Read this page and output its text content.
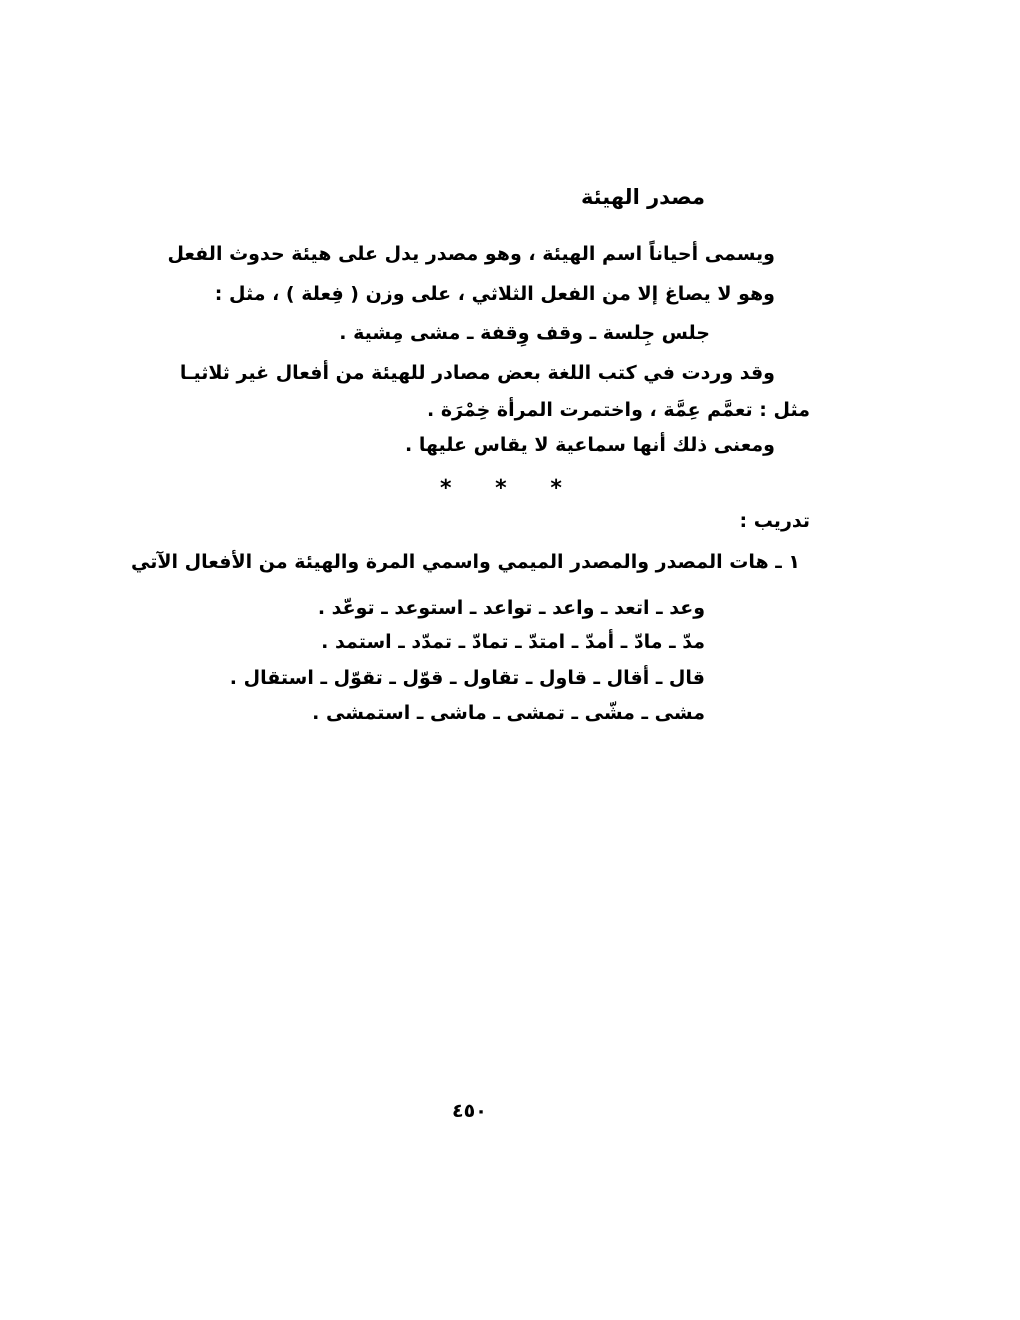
مصدر الهيئة
ويسمى أحياناً اسم الهيئة ، وهو مصدر يدل على هيئة حدوث الفعل
وهو لا يصاغ إلا من الفعل الثلاثي ، على وزن ( فِعلة ) ، مثل :
جلس جِلسة ـ وقف وِقفة ـ مشى مِشية .
وقد وردت في كتب اللغة بعض مصادر للهيئة من أفعال غير ثلاثيـا
مثل : تعمَّم عِمَّة ، واختمرت المرأة خِمْرَة .
ومعنى ذلك أنها سماعية لا يقاس عليها .
* * *
تدريب :
١ ـ هات المصدر والمصدر الميمي واسمي المرة والهيئة من الأفعال الآتي
وعد ـ اتعد ـ واعد ـ تواعد ـ استوعد ـ توعّد .
مدّ ـ مادّ ـ أمدّ ـ امتدّ ـ تمادّ ـ تمدّد ـ استمد .
قال ـ أقال ـ قاول ـ تقاول ـ قوّل ـ تقوّل ـ استقال .
مشى ـ مشّى ـ تمشى ـ ماشى ـ استمشى .
٤٥٠
